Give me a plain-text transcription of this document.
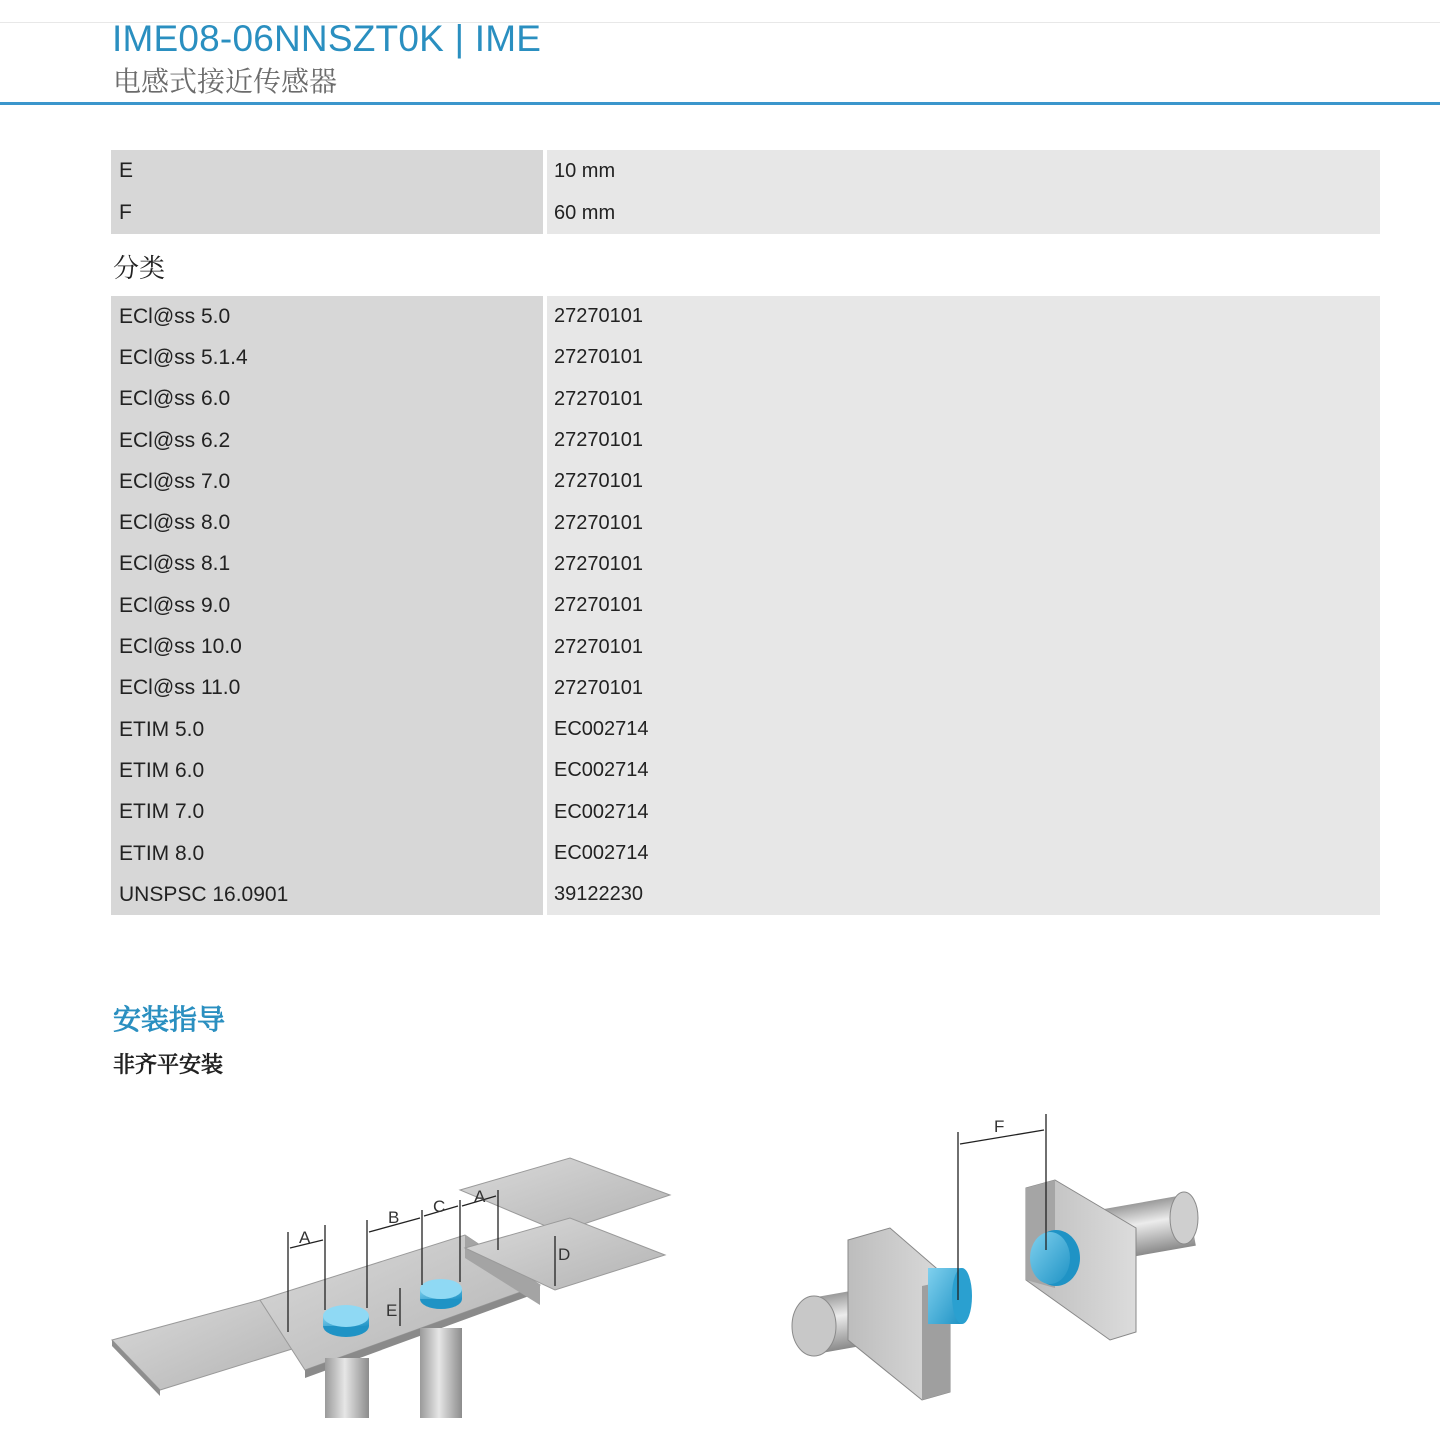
IME08-06NNSZT0K | IME
电感式接近传感器
E	10 mm
F	60 mm
分类
ECl@ss 5.0	27270101
ECl@ss 5.1.4	27270101
ECl@ss 6.0	27270101
ECl@ss 6.2	27270101
ECl@ss 7.0	27270101
ECl@ss 8.0	27270101
ECl@ss 8.1	27270101
ECl@ss 9.0	27270101
ECl@ss 10.0	27270101
ECl@ss 11.0	27270101
ETIM 5.0	EC002714
ETIM 6.0	EC002714
ETIM 7.0	EC002714
ETIM 8.0	EC002714
UNSPSC 16.0901	39122230
安装指导
非齐平安装
A
B
C
A
D
E
F
